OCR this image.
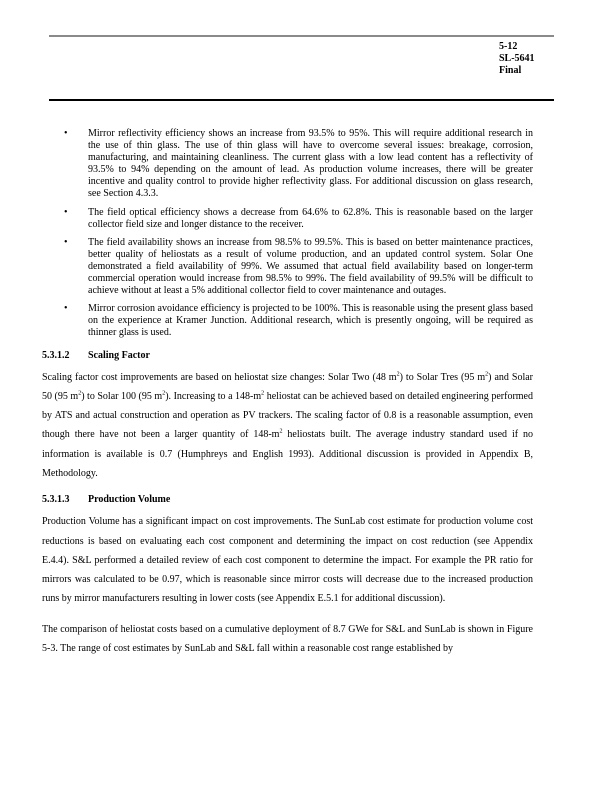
5-12
SL-5641
Final
• Mirror reflectivity efficiency shows an increase from 93.5% to 95%. This will require additional research in the use of thin glass. The use of thin glass will have to overcome several issues: breakage, corrosion, manufacturing, and maintaining cleanliness. The current glass with a low lead content has a reflectivity of 93.5% to 94% depending on the amount of lead. As production volume increases, there will be greater incentive and quality control to provide higher reflectivity glass. For additional discussion on glass research, see Section 4.3.3.
• The field optical efficiency shows a decrease from 64.6% to 62.8%. This is reasonable based on the larger collector field size and longer distance to the receiver.
• The field availability shows an increase from 98.5% to 99.5%. This is based on better maintenance practices, better quality of heliostats as a result of volume production, and an updated control system. Solar One demonstrated a field availability of 99%. We assumed that actual field availability based on longer-term commercial operation would increase from 98.5% to 99%. The field availability of 99.5% will be difficult to achieve without at least a 5% additional collector field to cover maintenance and outages.
• Mirror corrosion avoidance efficiency is projected to be 100%. This is reasonable using the present glass based on the experience at Kramer Junction. Additional research, which is presently ongoing, will be required as thinner glass is used.
5.3.1.2 Scaling Factor

Scaling factor cost improvements are based on heliostat size changes: Solar Two (48 $m^2$) to Solar Tres (95 $m^2$) and Solar 50 (95 $m^2$) to Solar 100 (95 $m^2$). Increasing to a $148-m^2$ heliostat can be achieved based on detailed engineering performed by ATS and actual construction and operation as PV trackers. The scaling factor of 0.8 is a reasonable assumption, even though there have not been a larger quantity of $148-m^2$ heliostats built. The average industry standard used if no information is available is 0.7 (Humphreys and English 1993). Additional discussion is provided in Appendix B, Methodology.

5.3.1.3 Production Volume

Production Volume has a significant impact on cost improvements. The SunLab cost estimate for production volume cost reductions is based on evaluating each cost component and determining the impact on cost reduction (see Appendix E.4.4). S&L performed a detailed review of each cost component to determine the impact. For example the PR ratio for mirrors was calculated to be 0.97, which is reasonable since mirror costs will decrease due to the increased production runs by mirror manufacturers resulting in lower costs (see Appendix E.5.1 for additional discussion).

The comparison of heliostat costs based on a cumulative deployment of 8.7 GWe for S&L and SunLab is shown in Figure 5-3. The range of cost estimates by SunLab and S&L fall within a reasonable cost range established by
